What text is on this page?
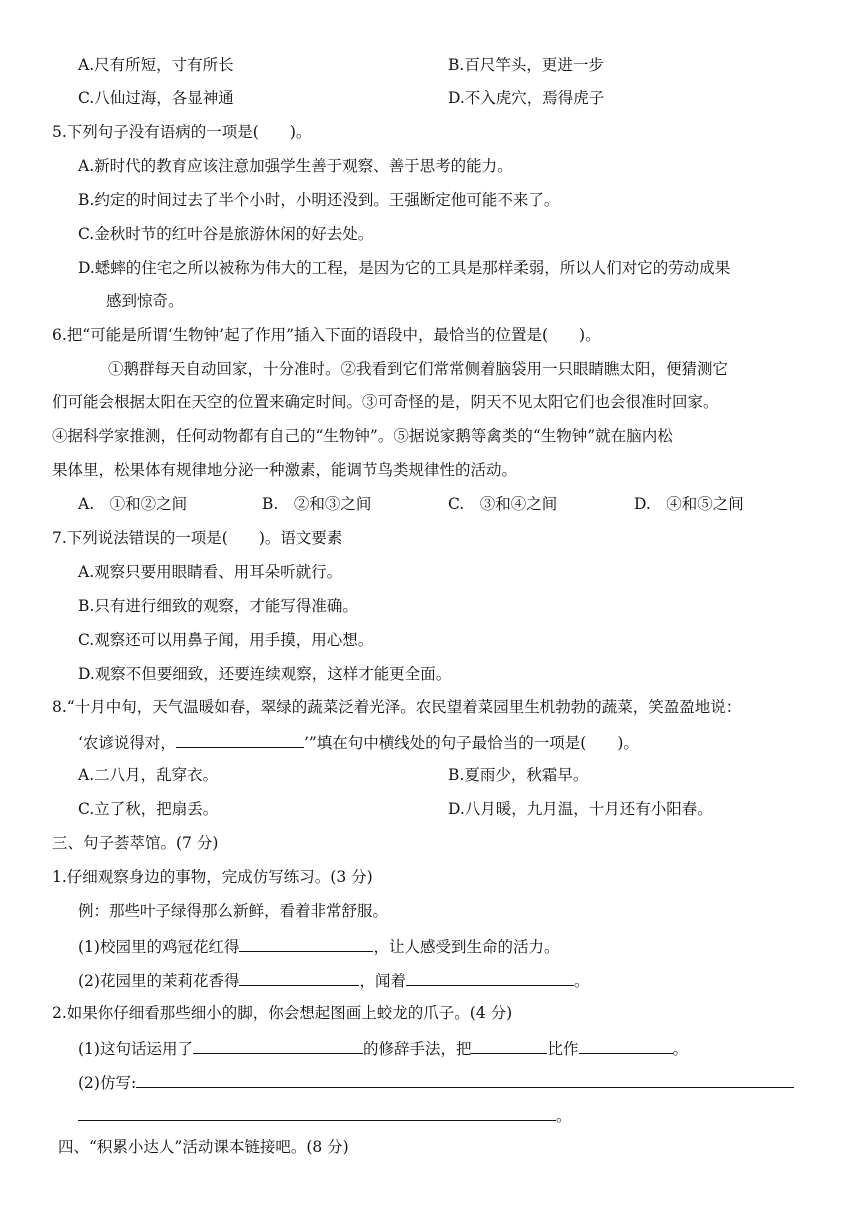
A.尺有所短，寸有所长	B.百尺竿头，更进一步
C.八仙过海，各显神通	D.不入虎穴，焉得虎子
5.下列句子没有语病的一项是(　　)。
A.新时代的教育应该注意加强学生善于观察、善于思考的能力。
B.约定的时间过去了半个小时，小明还没到。王强断定他可能不来了。
C.金秋时节的红叶谷是旅游休闲的好去处。
D.蟋蟀的住宅之所以被称为伟大的工程，是因为它的工具是那样柔弱，所以人们对它的劳动成果
感到惊奇。
6.把“可能是所谓‘生物钟’起了作用”插入下面的语段中，最恰当的位置是(　　)。
①鹅群每天自动回家，十分准时。②我看到它们常常侧着脑袋用一只眼睛瞧太阳，便猜测它
们可能会根据太阳在天空的位置来确定时间。③可奇怪的是，阴天不见太阳它们也会很准时回家。
④据科学家推测，任何动物都有自己的“生物钟”。⑤据说家鹅等禽类的“生物钟”就在脑内松
果体里，松果体有规律地分泌一种激素，能调节鸟类规律性的活动。
A.　①和②之间	B.　②和③之间	C.　③和④之间	D.　④和⑤之间
7.下列说法错误的一项是(　　)。语文要素
A.观察只要用眼睛看、用耳朵听就行。
B.只有进行细致的观察，才能写得准确。
C.观察还可以用鼻子闻，用手摸，用心想。
D.观察不但要细致，还要连续观察，这样才能更全面。
8.“十月中旬，天气温暖如春，翠绿的蔬菜泛着光泽。农民望着菜园里生机勃勃的蔬菜，笑盈盈地说：
‘农谚说得对，	’”填在句中横线处的句子最恰当的一项是(　　)。
A.二八月，乱穿衣。	B.夏雨少，秋霜早。
C.立了秋，把扇丢。	D.八月暖，九月温，十月还有小阳春。
三、句子荟萃馆。(7 分)
1.仔细观察身边的事物，完成仿写练习。(3 分)
例：那些叶子绿得那么新鲜，看着非常舒服。
(1)校园里的鸡冠花红得	，让人感受到生命的活力。
(2)花园里的茉莉花香得	，闻着	。
2.如果你仔细看那些细小的脚，你会想起图画上蛟龙的爪子。(4 分)
(1)这句话运用了	的修辞手法，把	比作	。
(2)仿写:
。
四、“积累小达人”活动课本链接吧。(8 分)
